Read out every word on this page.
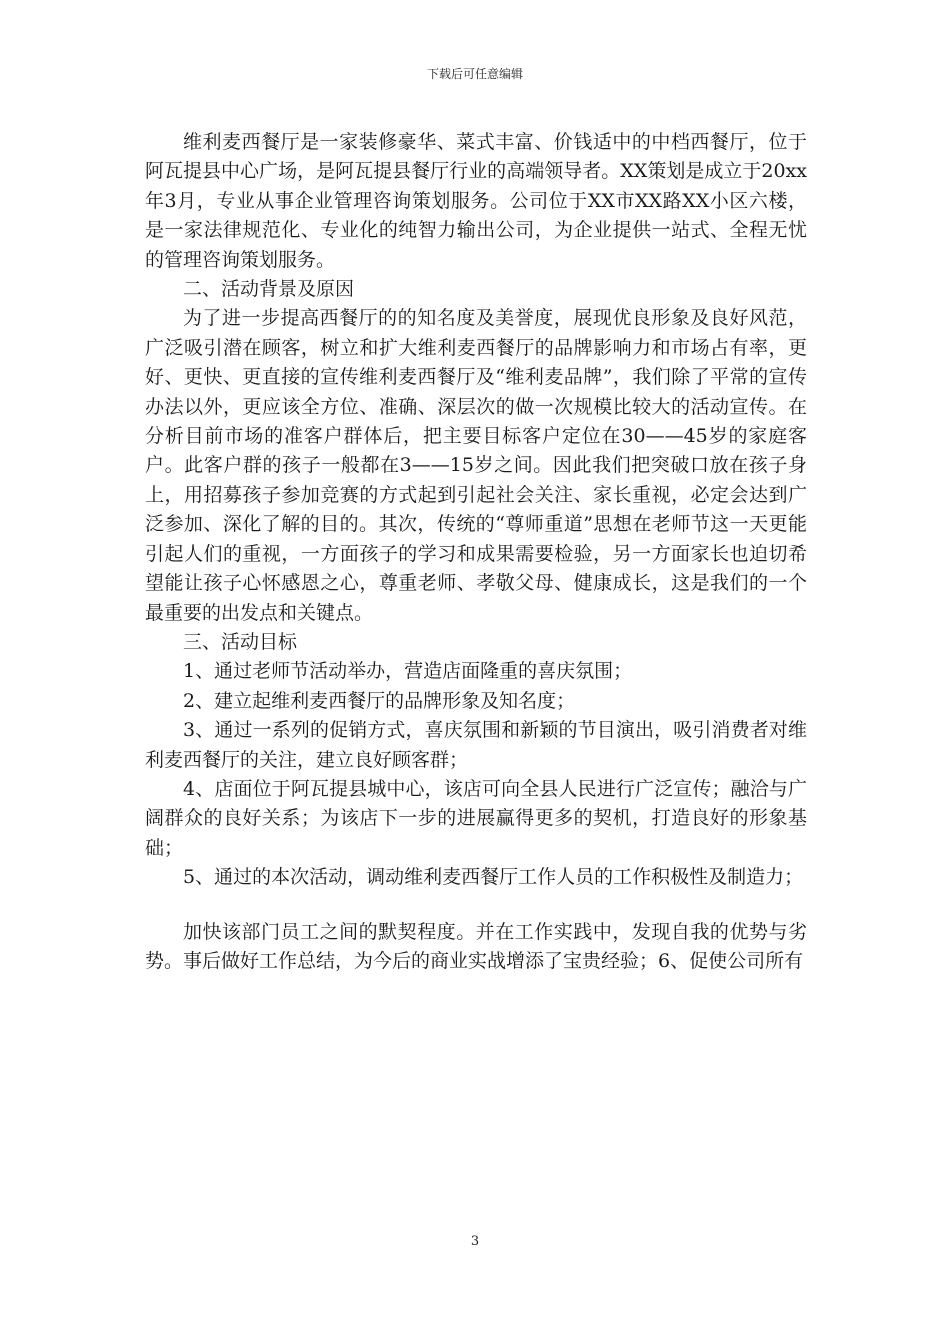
下载后可任意编辑

维利麦西餐厅是一家装修豪华、菜式丰富、价钱适中的中档西餐厅，位于阿瓦提县中心广场，是阿瓦提县餐厅行业的高端领导者。XX策划是成立于20xx年3月，专业从事企业管理咨询策划服务。公司位于XX市XX路XX小区六楼，是一家法律规范化、专业化的纯智力输出公司，为企业提供一站式、全程无忧的管理咨询策划服务。

二、活动背景及原因

为了进一步提高西餐厅的的知名度及美誉度，展现优良形象及良好风范，广泛吸引潜在顾客，树立和扩大维利麦西餐厅的品牌影响力和市场占有率，更好、更快、更直接的宣传维利麦西餐厅及“维利麦品牌”，我们除了平常的宣传办法以外，更应该全方位、准确、深层次的做一次规模比较大的活动宣传。在分析目前市场的准客户群体后，把主要目标客户定位在30——45岁的家庭客户。此客户群的孩子一般都在3——15岁之间。因此我们把突破口放在孩子身上，用招募孩子参加竞赛的方式起到引起社会关注、家长重视，必定会达到广泛参加、深化了解的目的。其次，传统的“尊师重道”思想在老师节这一天更能引起人们的重视，一方面孩子的学习和成果需要检验，另一方面家长也迫切希望能让孩子心怀感恩之心，尊重老师、孝敬父母、健康成长，这是我们的一个最重要的出发点和关键点。

三、活动目标

1、通过老师节活动举办，营造店面隆重的喜庆氛围；

2、建立起维利麦西餐厅的品牌形象及知名度；

3、通过一系列的促销方式，喜庆氛围和新颖的节目演出，吸引消费者对维利麦西餐厅的关注，建立良好顾客群；

4、店面位于阿瓦提县城中心，该店可向全县人民进行广泛宣传；融洽与广阔群众的良好关系；为该店下一步的进展赢得更多的契机，打造良好的形象基础；

5、通过的本次活动，调动维利麦西餐厅工作人员的工作积极性及制造力；

加快该部门员工之间的默契程度。并在工作实践中，发现自我的优势与劣势。事后做好工作总结，为今后的商业实战增添了宝贵经验；6、促使公司所有

3
